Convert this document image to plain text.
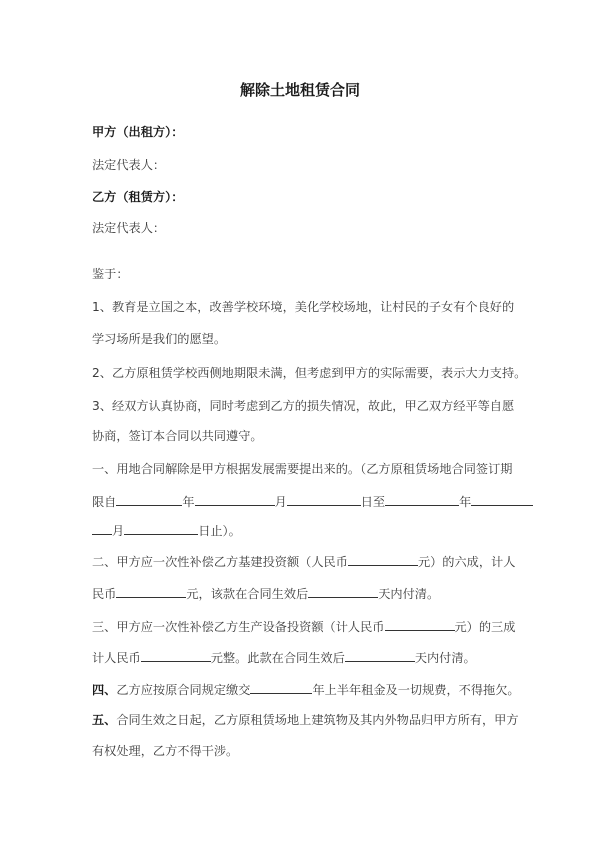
解除土地租赁合同
甲方（出租方）：
法定代表人：
乙方（租赁方）：
法定代表人：
鉴于：
1、教育是立国之本，改善学校环境，美化学校场地，让村民的子女有个良好的
学习场所是我们的愿望。
2、乙方原租赁学校西侧地期限未满，但考虑到甲方的实际需要，表示大力支持。
3、经双方认真协商，同时考虑到乙方的损失情况，故此，甲乙双方经平等自愿
协商，签订本合同以共同遵守。
一、用地合同解除是甲方根据发展需要提出来的。（乙方原租赁场地合同签订期
限自	年	月	日至	年
月	日止）。
二、甲方应一次性补偿乙方基建投资额（人民币	元）的六成，计人
民币	元，该款在合同生效后	天内付清。
三、甲方应一次性补偿乙方生产设备投资额（计人民币	元）的三成
计人民币	元整。此款在合同生效后	天内付清。
四、乙方应按原合同规定缴交	年上半年租金及一切规费，不得拖欠。
五、合同生效之日起，乙方原租赁场地上建筑物及其内外物品归甲方所有，甲方
有权处理，乙方不得干涉。
